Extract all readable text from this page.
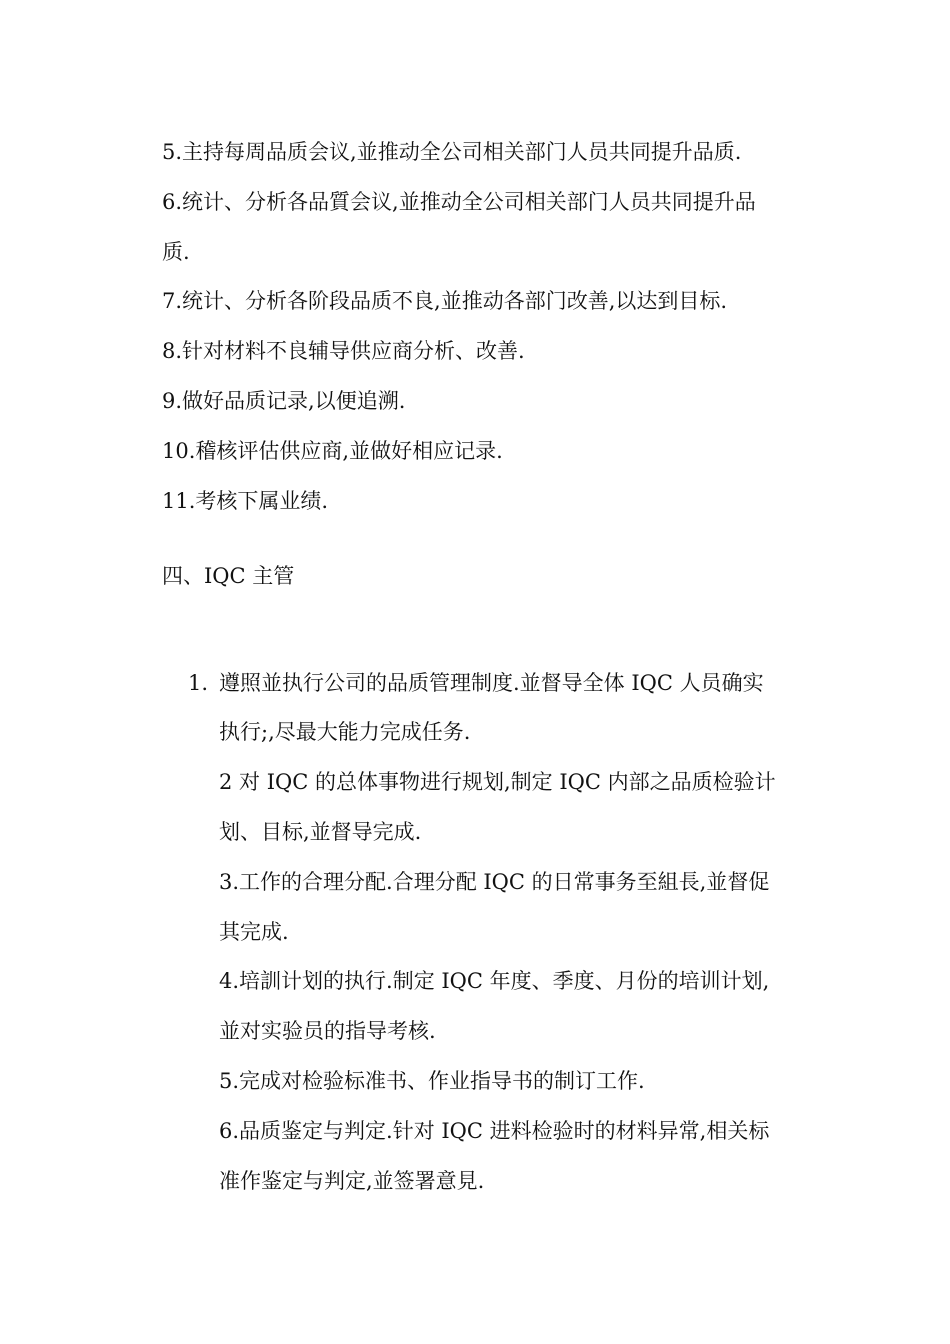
5.主持每周品质会议,並推动全公司相关部门人员共同提升品质.
6.统计、分析各品質会议,並推动全公司相关部门人员共同提升品
质.
7.统计、分析各阶段品质不良,並推动各部门改善,以达到目标.
8.针对材料不良辅导供应商分析、改善.
9.做好品质记录,以便追溯.
10.稽核评估供应商,並做好相应记录.
11.考核下属业绩.
四、IQC 主管
1. 遵照並执行公司的品质管理制度.並督导全体 IQC 人员确实
执行;,尽最大能力完成任务.
2 对 IQC 的总体事物进行规划,制定 IQC 内部之品质检验计
划、目标,並督导完成.
3.工作的合理分配.合理分配 IQC 的日常事务至組長,並督促
其完成.
4.培訓计划的执行.制定 IQC 年度、季度、月份的培训计划,
並对实验员的指导考核.
5.完成对检验标准书、作业指导书的制订工作.
6.品质鉴定与判定.针对 IQC 进料检验时的材料异常,相关标
准作鉴定与判定,並签署意見.
